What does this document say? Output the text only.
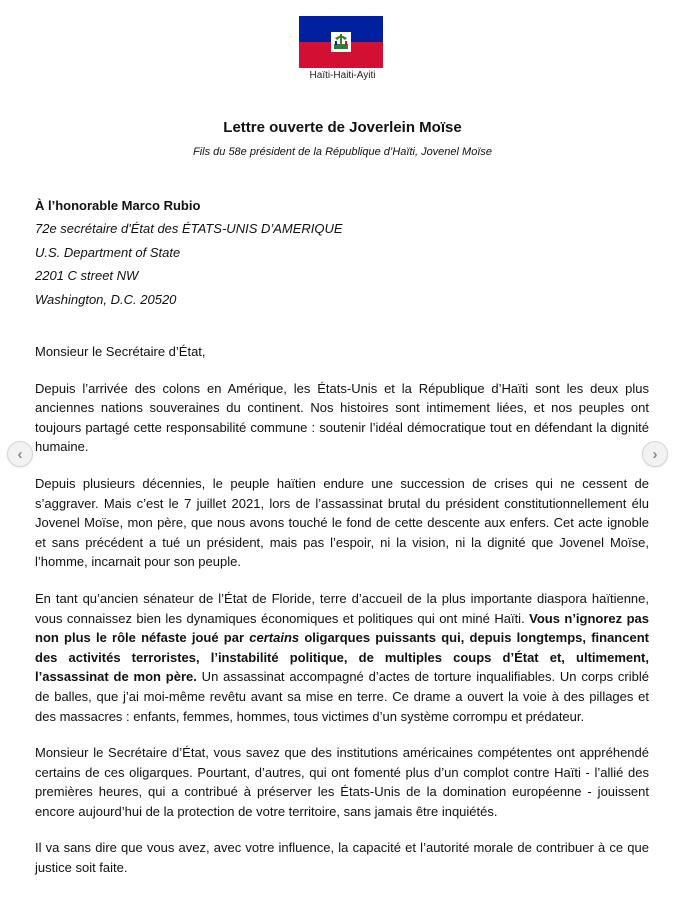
Haïti-Haiti-Ayiti
Lettre ouverte de Joverlein Moïse
Fils du 58e président de la République d’Haïti, Jovenel Moïse
À l’honorable Marco Rubio
72e secrétaire d'État des ÉTATS-UNIS D’AMERIQUE
U.S. Department of State
2201 C street NW
Washington, D.C. 20520

Monsieur le Secrétaire d’État,

Depuis l’arrivée des colons en Amérique, les États-Unis et la République d’Haïti sont les deux plus anciennes nations souveraines du continent. Nos histoires sont intimement liées, et nos peuples ont toujours partagé cette responsabilité commune : soutenir l’idéal démocratique tout en défendant la dignité humaine.

Depuis plusieurs décennies, le peuple haïtien endure une succession de crises qui ne cessent de s’aggraver. Mais c’est le 7 juillet 2021, lors de l’assassinat brutal du président constitutionnellement élu Jovenel Moïse, mon père, que nous avons touché le fond de cette descente aux enfers. Cet acte ignoble et sans précédent a tué un président, mais pas l’espoir, ni la vision, ni la dignité que Jovenel Moïse, l’homme, incarnait pour son peuple.

En tant qu’ancien sénateur de l’État de Floride, terre d’accueil de la plus importante diaspora haïtienne, vous connaissez bien les dynamiques économiques et politiques qui ont miné Haïti. Vous n’ignorez pas non plus le rôle néfaste joué par certains oligarques puissants qui, depuis longtemps, financent des activités terroristes, l’instabilité politique, de multiples coups d’État et, ultimement, l’assassinat de mon père. Un assassinat accompagné d’actes de torture inqualifiables. Un corps criblé de balles, que j’ai moi-même revêtu avant sa mise en terre. Ce drame a ouvert la voie à des pillages et des massacres : enfants, femmes, hommes, tous victimes d’un système corrompu et prédateur.

Monsieur le Secrétaire d’État, vous savez que des institutions américaines compétentes ont appréhendé certains de ces oligarques. Pourtant, d’autres, qui ont fomenté plus d’un complot contre Haïti - l’allié des premières heures, qui a contribué à préserver les États-Unis de la domination européenne - jouissent encore aujourd’hui de la protection de votre territoire, sans jamais être inquiétés.

Il va sans dire que vous avez, avec votre influence, la capacité et l’autorité morale de contribuer à ce que justice soit faite.

‹	›
